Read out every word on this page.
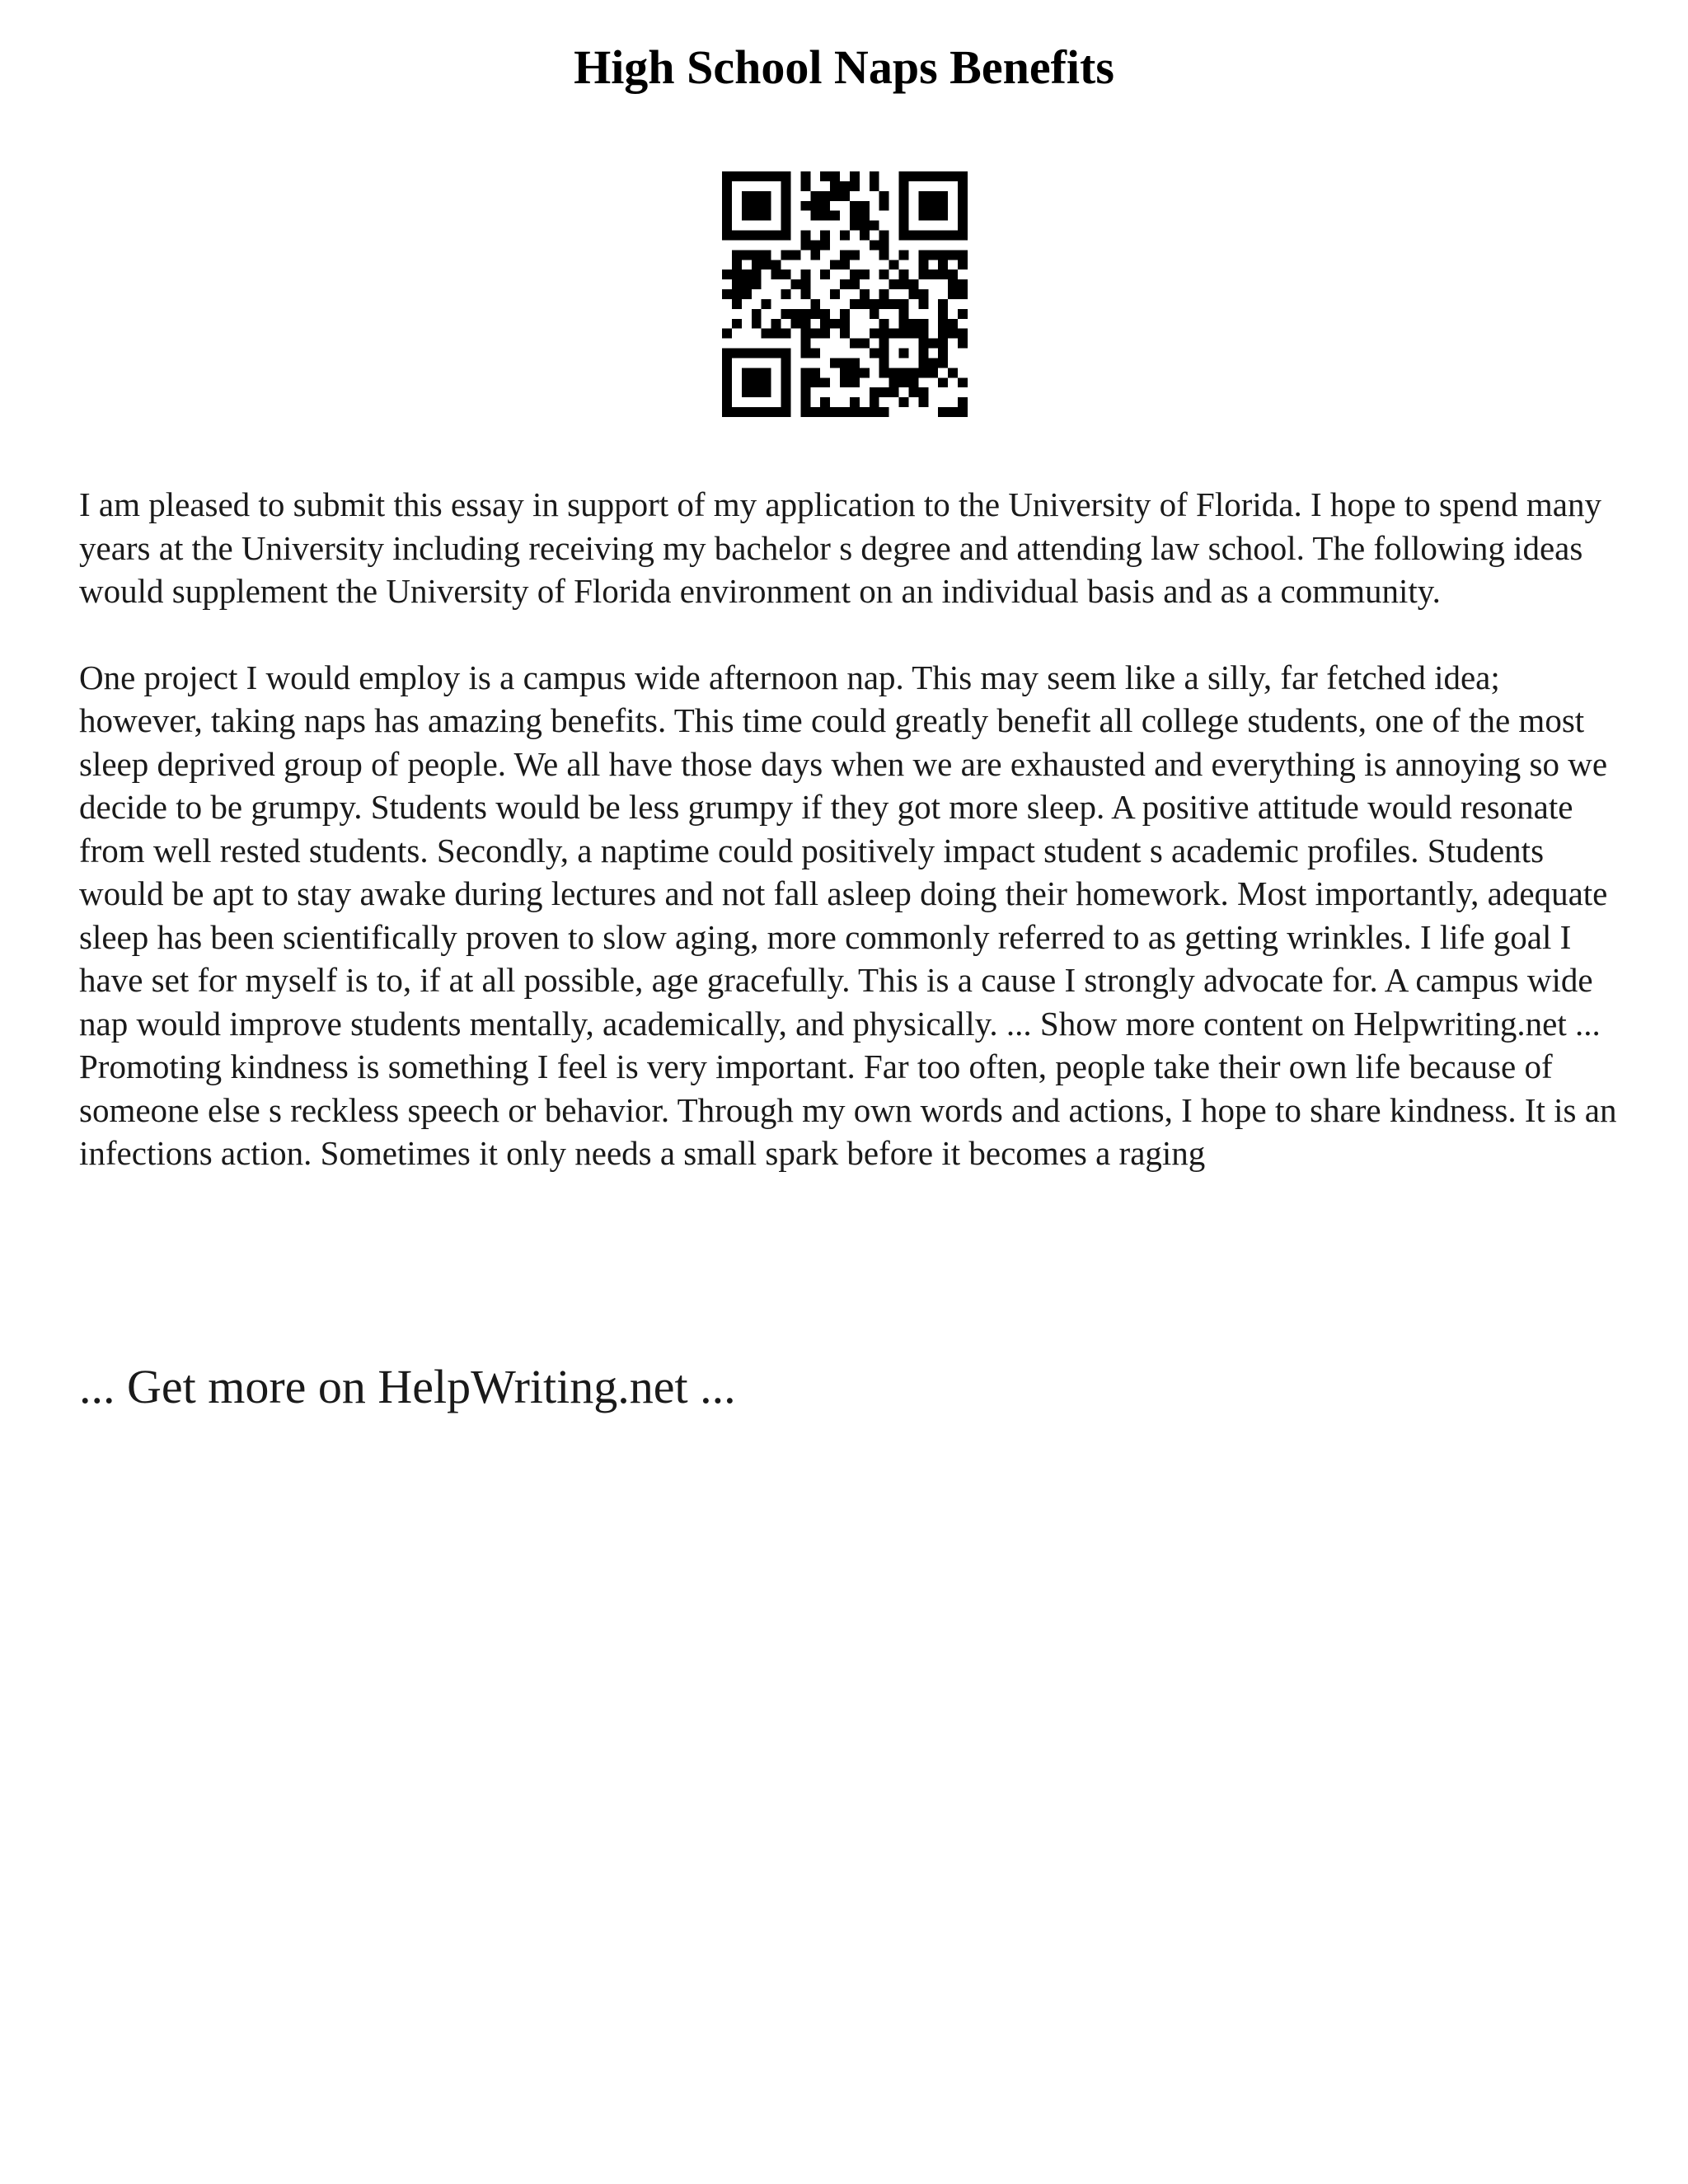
High School Naps Benefits

I am pleased to submit this essay in support of my application to the University of Florida. I hope to spend many years at the University including receiving my bachelor s degree and attending law school. The following ideas would supplement the University of Florida environment on an individual basis and as a community.

One project I would employ is a campus wide afternoon nap. This may seem like a silly, far fetched idea; however, taking naps has amazing benefits. This time could greatly benefit all college students, one of the most sleep deprived group of people. We all have those days when we are exhausted and everything is annoying so we decide to be grumpy. Students would be less grumpy if they got more sleep. A positive attitude would resonate from well rested students. Secondly, a naptime could positively impact student s academic profiles. Students would be apt to stay awake during lectures and not fall asleep doing their homework. Most importantly, adequate sleep has been scientifically proven to slow aging, more commonly referred to as getting wrinkles. I life goal I have set for myself is to, if at all possible, age gracefully. This is a cause I strongly advocate for. A campus wide nap would improve students mentally, academically, and physically. ... Show more content on Helpwriting.net ... Promoting kindness is something I feel is very important. Far too often, people take their own life because of someone else s reckless speech or behavior. Through my own words and actions, I hope to share kindness. It is an infections action. Sometimes it only needs a small spark before it becomes a raging

... Get more on HelpWriting.net ...
